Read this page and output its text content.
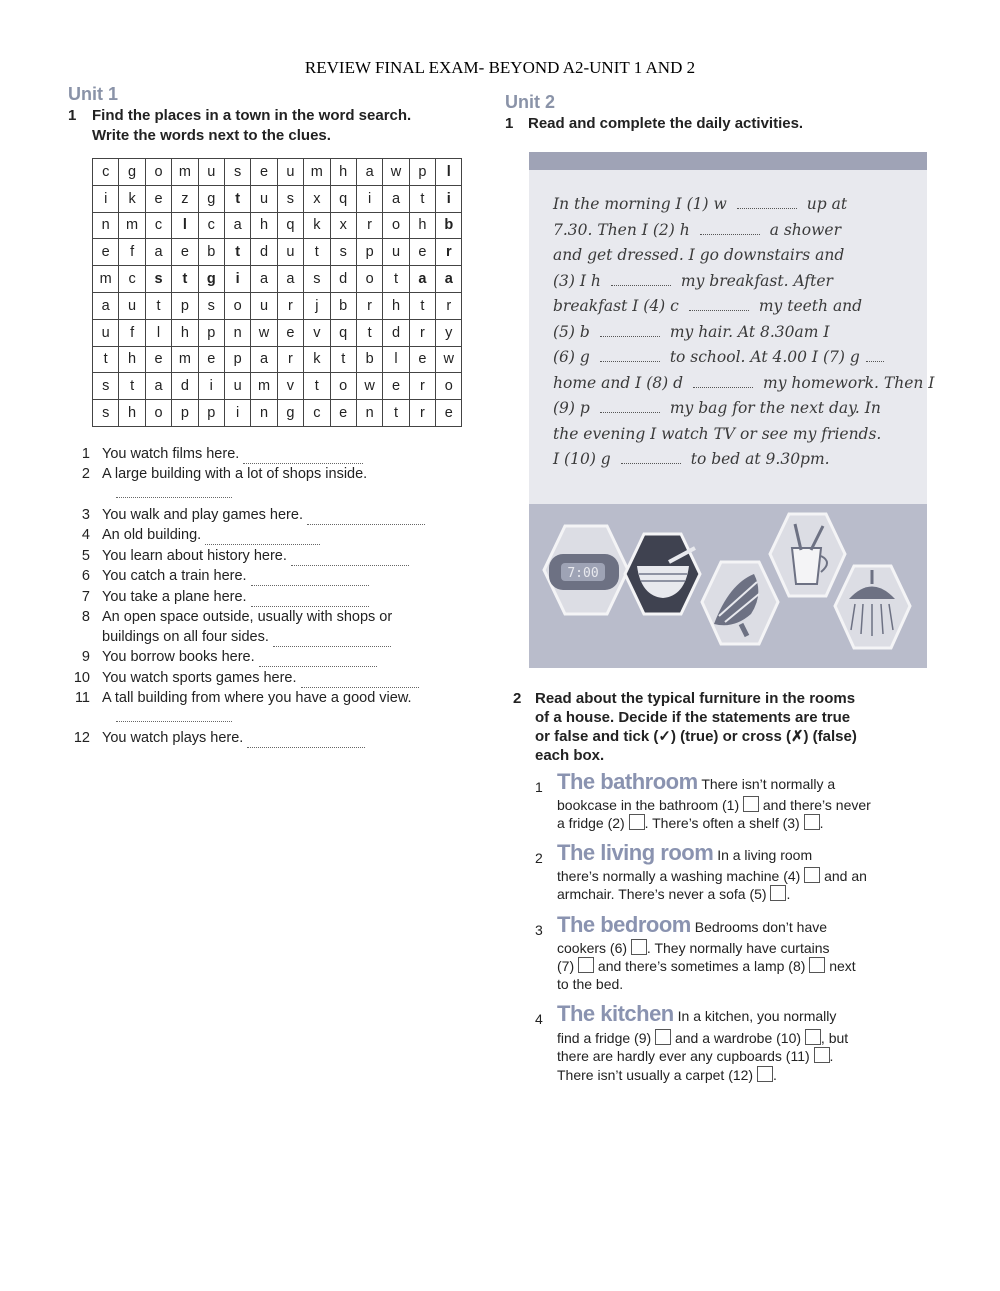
REVIEW FINAL EXAM- BEYOND A2-UNIT 1 AND 2
Unit 1
1 Find the places in a town in the word search.
Write the words next to the clues.
c	g	o	m	u	s	e	u	m	h	a	w	p	l
i	k	e	z	g	t	u	s	x	q	i	a	t	i
n	m	c	l	c	a	h	q	k	x	r	o	h	b
e	f	a	e	b	t	d	u	t	s	p	u	e	r
m	c	s	t	g	i	a	a	s	d	o	t	a	a
a	u	t	p	s	o	u	r	j	b	r	h	t	r
u	f	l	h	p	n	w	e	v	q	t	d	r	y
t	h	e	m	e	p	a	r	k	t	b	l	e	w
s	t	a	d	i	u	m	v	t	o	w	e	r	o
s	h	o	p	p	i	n	g	c	e	n	t	r	e
1 You watch films here.
2 A large building with a lot of shops inside.
3 You walk and play games here.
4 An old building.
5 You learn about history here.
6 You catch a train here.
7 You take a plane here.
8 An open space outside, usually with shops or
buildings on all four sides.
9 You borrow books here.
10 You watch sports games here.
11 A tall building from where you have a good view.
12 You watch plays here.
Unit 2
1 Read and complete the daily activities.
7:00
In the morning I (1) w	up at
7.30. Then I (2) h	a shower
and get dressed. I go downstairs and
(3) I h	my breakfast. After
breakfast I (4) c	my teeth and
(5) b	my hair. At 8.30am I
(6) g	to school. At 4.00 I (7) g
home and I (8) d	my homework. Then I
(9) p	my bag for the next day. In
the evening I watch TV or see my friends.
I (10) g	to bed at 9.30pm.
2 Read about the typical furniture in the rooms
of a house. Decide if the statements are true
or false and tick (✓) (true) or cross (✗) (false)
each box.
1 The bathroom There isn’t normally a
bookcase in the bathroom (1) and there’s never
a fridge (2) . There’s often a shelf (3) .
2 The living room In a living room
there’s normally a washing machine (4) and an
armchair. There’s never a sofa (5) .
3 The bedroom Bedrooms don’t have
cookers (6) . They normally have curtains
(7) and there’s sometimes a lamp (8) next
to the bed.
4 The kitchen In a kitchen, you normally
find a fridge (9) and a wardrobe (10) , but
there are hardly ever any cupboards (11) .
There isn’t usually a carpet (12) .
